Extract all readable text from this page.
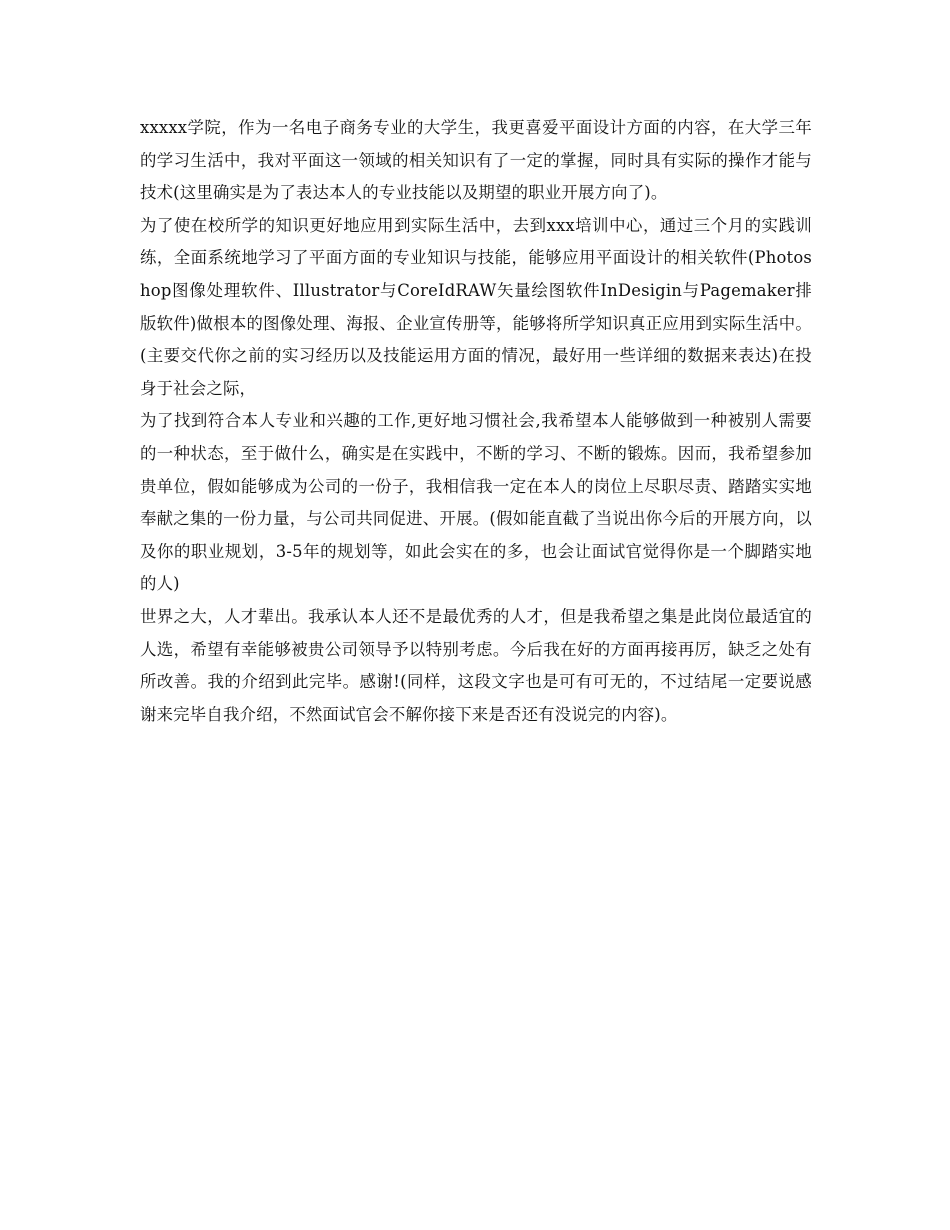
xxxxx学院，作为一名电子商务专业的大学生，我更喜爱平面设计方面的内容，在大学三年的学习生活中，我对平面这一领域的相关知识有了一定的掌握，同时具有实际的操作才能与技术(这里确实是为了表达本人的专业技能以及期望的职业开展方向了)。

为了使在校所学的知识更好地应用到实际生活中，去到xxx培训中心，通过三个月的实践训练，全面系统地学习了平面方面的专业知识与技能，能够应用平面设计的相关软件(Photoshop图像处理软件、Illustrator与CoreIdRAW矢量绘图软件InDesigin与Pagemaker排版软件)做根本的图像处理、海报、企业宣传册等，能够将所学知识真正应用到实际生活中。(主要交代你之前的实习经历以及技能运用方面的情况，最好用一些详细的数据来表达)在投身于社会之际，

为了找到符合本人专业和兴趣的工作,更好地习惯社会,我希望本人能够做到一种被别人需要的一种状态，至于做什么，确实是在实践中，不断的学习、不断的锻炼。因而，我希望参加贵单位，假如能够成为公司的一份子，我相信我一定在本人的岗位上尽职尽责、踏踏实实地奉献之集的一份力量，与公司共同促进、开展。(假如能直截了当说出你今后的开展方向，以及你的职业规划，3-5年的规划等，如此会实在的多，也会让面试官觉得你是一个脚踏实地的人)

世界之大，人才辈出。我承认本人还不是最优秀的人才，但是我希望之集是此岗位最适宜的人选，希望有幸能够被贵公司领导予以特别考虑。今后我在好的方面再接再厉，缺乏之处有所改善。我的介绍到此完毕。感谢!(同样，这段文字也是可有可无的，不过结尾一定要说感谢来完毕自我介绍，不然面试官会不解你接下来是否还有没说完的内容)。
